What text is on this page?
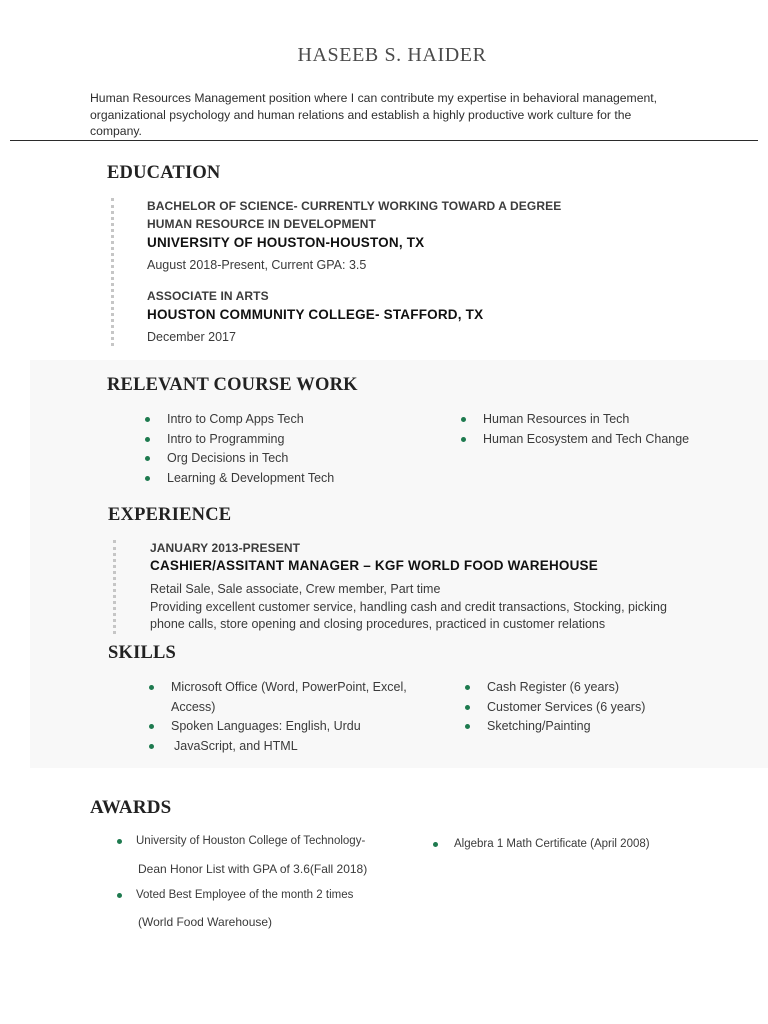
HASEEB S. HAIDER
Human Resources Management position where I can contribute my expertise in behavioral management, organizational psychology and human relations and establish a highly productive work culture for the company.
EDUCATION
BACHELOR OF SCIENCE- CURRENTLY WORKING TOWARD A DEGREE
HUMAN RESOURCE IN DEVELOPMENT
UNIVERSITY OF HOUSTON-HOUSTON, TX
August 2018-Present, Current GPA: 3.5
ASSOCIATE IN ARTS
HOUSTON COMMUNITY COLLEGE- STAFFORD, TX
December 2017
RELEVANT COURSE WORK
Intro to Comp Apps Tech
Intro to Programming
Org Decisions in Tech
Learning & Development Tech
Human Resources in Tech
Human Ecosystem and Tech Change
EXPERIENCE
JANUARY 2013-PRESENT
CASHIER/ASSITANT MANAGER – KGF WORLD FOOD WAREHOUSE
Retail Sale, Sale associate, Crew member, Part time
Providing excellent customer service, handling cash and credit transactions, Stocking, picking
phone calls, store opening and closing procedures, practiced in customer relations
SKILLS
Microsoft Office (Word, PowerPoint, Excel,
Access)
Spoken Languages: English, Urdu
JavaScript, and HTML
Cash Register (6 years)
Customer Services (6 years)
Sketching/Painting
AWARDS
University of Houston College of Technology-
Dean Honor List with GPA of 3.6(Fall 2018)
Voted Best Employee of the month 2 times
(World Food Warehouse)
Algebra 1 Math Certificate (April 2008)
